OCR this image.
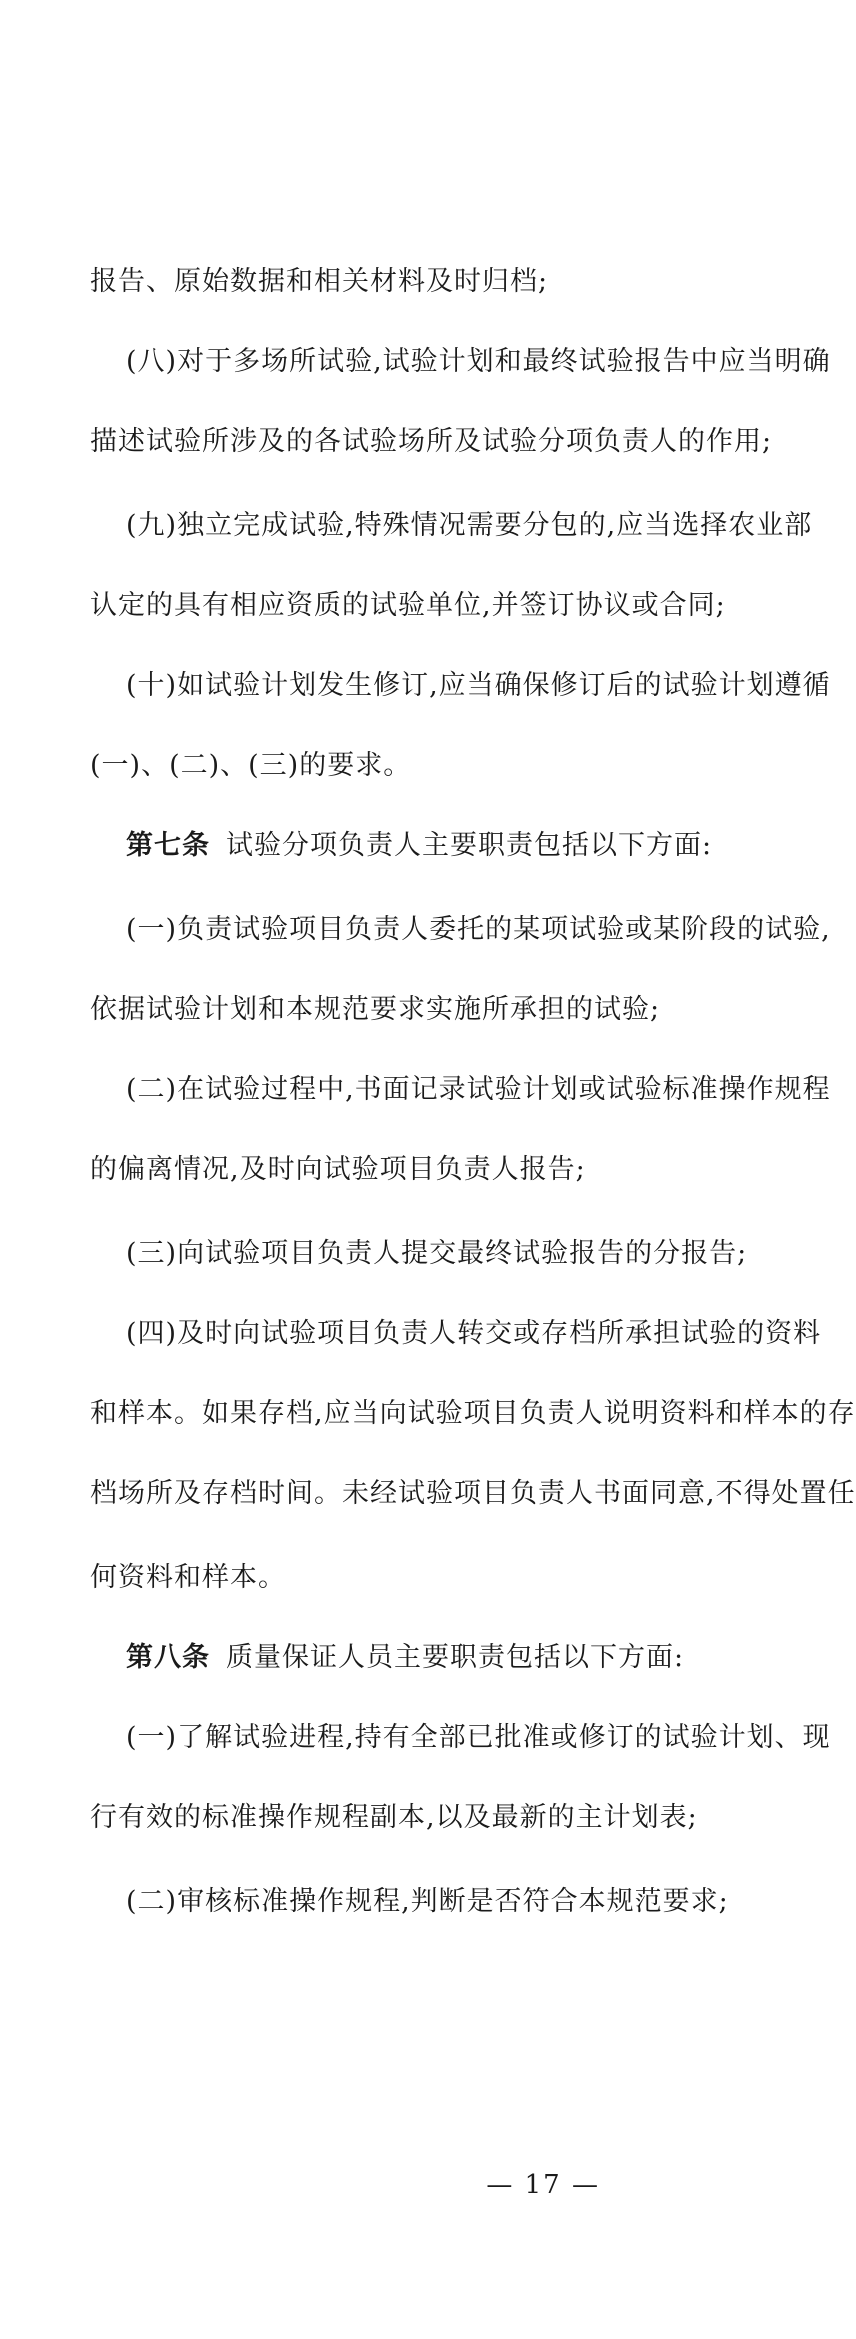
报告、原始数据和相关材料及时归档;
(八)对于多场所试验,试验计划和最终试验报告中应当明确
描述试验所涉及的各试验场所及试验分项负责人的作用;
(九)独立完成试验,特殊情况需要分包的,应当选择农业部
认定的具有相应资质的试验单位,并签订协议或合同;
(十)如试验计划发生修订,应当确保修订后的试验计划遵循
(一)、(二)、(三)的要求。
第七条 试验分项负责人主要职责包括以下方面:
(一)负责试验项目负责人委托的某项试验或某阶段的试验,
依据试验计划和本规范要求实施所承担的试验;
(二)在试验过程中,书面记录试验计划或试验标准操作规程
的偏离情况,及时向试验项目负责人报告;
(三)向试验项目负责人提交最终试验报告的分报告;
(四)及时向试验项目负责人转交或存档所承担试验的资料
和样本。如果存档,应当向试验项目负责人说明资料和样本的存
档场所及存档时间。未经试验项目负责人书面同意,不得处置任
何资料和样本。
第八条 质量保证人员主要职责包括以下方面:
(一)了解试验进程,持有全部已批准或修订的试验计划、现
行有效的标准操作规程副本,以及最新的主计划表;
(二)审核标准操作规程,判断是否符合本规范要求;
— 17 —
